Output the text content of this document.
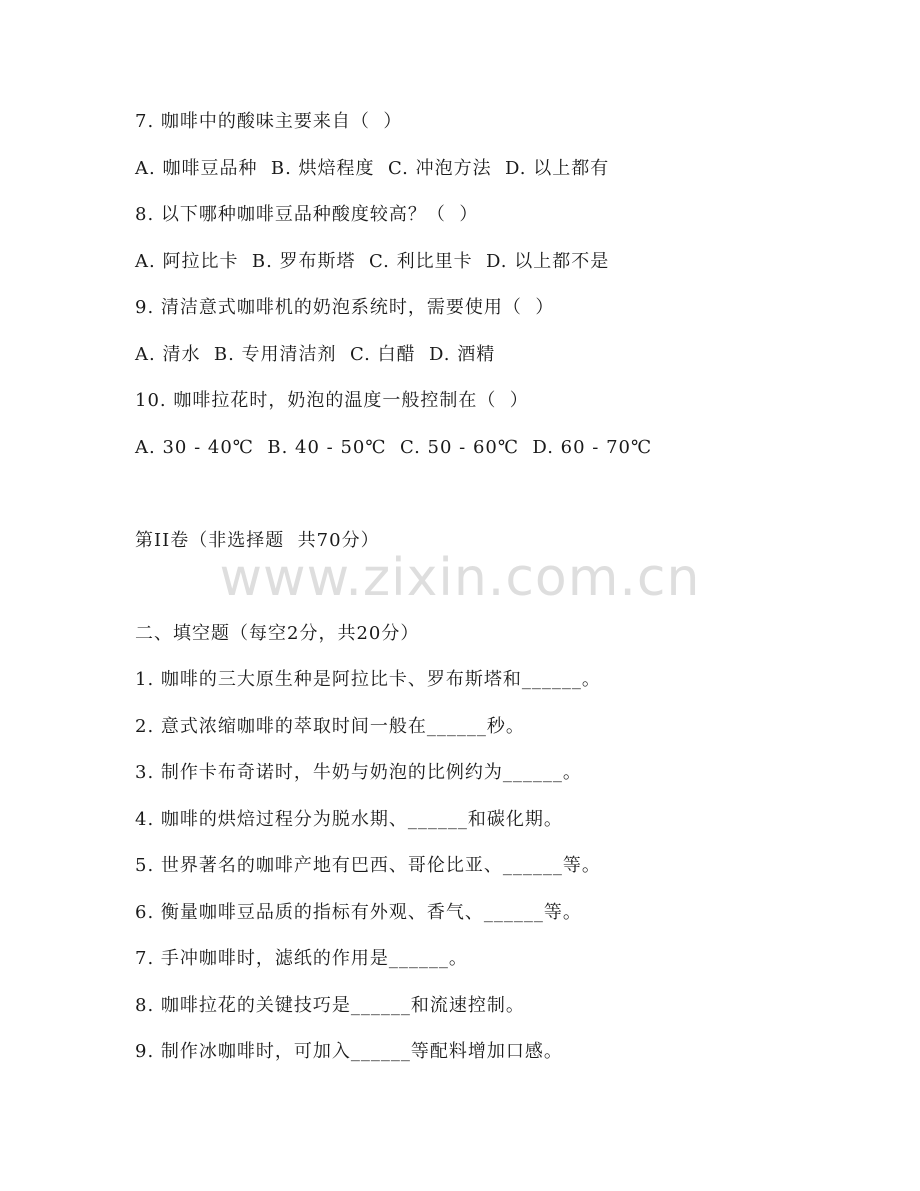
7. 咖啡中的酸味主要来自（  ）
A. 咖啡豆品种  B. 烘焙程度  C. 冲泡方法  D. 以上都有
8. 以下哪种咖啡豆品种酸度较高？（  ）
A. 阿拉比卡  B. 罗布斯塔  C. 利比里卡  D. 以上都不是
9. 清洁意式咖啡机的奶泡系统时，需要使用（  ）
A. 清水  B. 专用清洁剂  C. 白醋  D. 酒精
10. 咖啡拉花时，奶泡的温度一般控制在（  ）
A. 30 - 40℃  B. 40 - 50℃  C. 50 - 60℃  D. 60 - 70℃
第II卷（非选择题  共70分）
www.zixin.com.cn
二、填空题（每空2分，共20分）
1. 咖啡的三大原生种是阿拉比卡、罗布斯塔和______。
2. 意式浓缩咖啡的萃取时间一般在______秒。
3. 制作卡布奇诺时，牛奶与奶泡的比例约为______。
4. 咖啡的烘焙过程分为脱水期、______和碳化期。
5. 世界著名的咖啡产地有巴西、哥伦比亚、______等。
6. 衡量咖啡豆品质的指标有外观、香气、______等。
7. 手冲咖啡时，滤纸的作用是______。
8. 咖啡拉花的关键技巧是______和流速控制。
9. 制作冰咖啡时，可加入______等配料增加口感。
